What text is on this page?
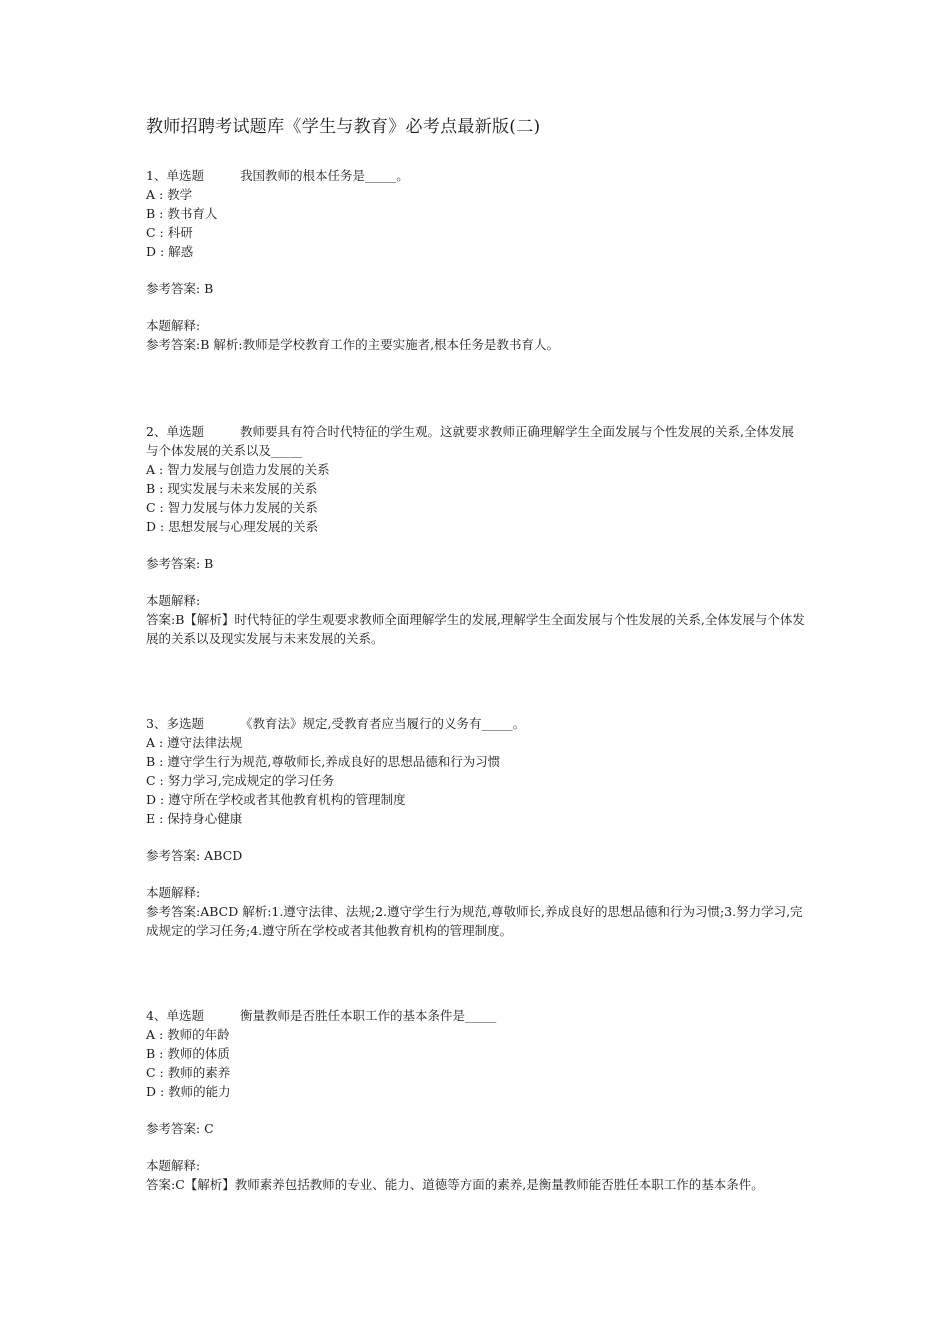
教师招聘考试题库《学生与教育》必考点最新版(二)
1、单选题	我国教师的根本任务是_____。
A : 教学
B : 教书育人
C : 科研
D : 解惑
参考答案: B
本题解释:
参考答案:B 解析:教师是学校教育工作的主要实施者,根本任务是教书育人。
2、单选题	教师要具有符合时代特征的学生观。这就要求教师正确理解学生全面发展与个性发展的关系,全体发展与个体发展的关系以及_____
A : 智力发展与创造力发展的关系
B : 现实发展与未来发展的关系
C : 智力发展与体力发展的关系
D : 思想发展与心理发展的关系
参考答案: B
本题解释:
答案:B【解析】时代特征的学生观要求教师全面理解学生的发展,理解学生全面发展与个性发展的关系,全体发展与个体发展的关系以及现实发展与未来发展的关系。
3、多选题	《教育法》规定,受教育者应当履行的义务有_____。
A : 遵守法律法规
B : 遵守学生行为规范,尊敬师长,养成良好的思想品德和行为习惯
C : 努力学习,完成规定的学习任务
D : 遵守所在学校或者其他教育机构的管理制度
E : 保持身心健康
参考答案: ABCD
本题解释:
参考答案:ABCD 解析:1.遵守法律、法规;2.遵守学生行为规范,尊敬师长,养成良好的思想品德和行为习惯;3.努力学习,完成规定的学习任务;4.遵守所在学校或者其他教育机构的管理制度。
4、单选题	衡量教师是否胜任本职工作的基本条件是_____
A : 教师的年龄
B : 教师的体质
C : 教师的素养
D : 教师的能力
参考答案: C
本题解释:
答案:C【解析】教师素养包括教师的专业、能力、道德等方面的素养,是衡量教师能否胜任本职工作的基本条件。
